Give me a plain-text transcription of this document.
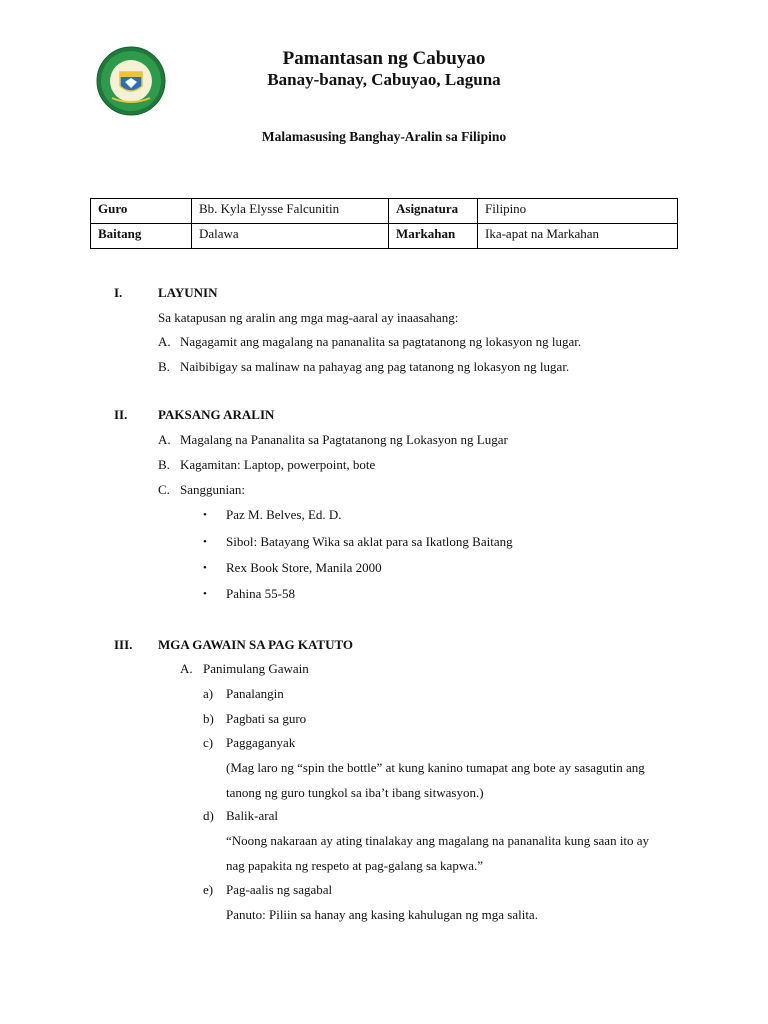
Pamantasan ng Cabuyao
Banay-banay, Cabuyao, Laguna
Malamasusing Banghay-Aralin sa Filipino
Guro	Bb. Kyla Elysse Falcunitin	Asignatura	Filipino
Baitang	Dalawa	Markahan	Ika-apat na Markahan
I.	LAYUNIN
Sa katapusan ng aralin ang mga mag-aaral ay inaasahang:
A. Nagagamit ang magalang na pananalita sa pagtatanong ng lokasyon ng lugar.
B. Naibibigay sa malinaw na pahayag ang pag tatanong ng lokasyon ng lugar.
II. PAKSANG ARALIN
A. Magalang na Pananalita sa Pagtatanong ng Lokasyon ng Lugar
B. Kagamitan: Laptop, powerpoint, bote
C. Sanggunian:
• Paz M. Belves, Ed. D.
• Sibol: Batayang Wika sa aklat para sa Ikatlong Baitang
• Rex Book Store, Manila 2000
• Pahina 55-58
III. MGA GAWAIN SA PAG KATUTO
A. Panimulang Gawain
a) Panalangin
b) Pagbati sa guro
c) Paggaganyak
(Mag laro ng “spin the bottle” at kung kanino tumapat ang bote ay sasagutin ang
tanong ng guro tungkol sa iba’t ibang sitwasyon.)
d) Balik-aral
“Noong nakaraan ay ating tinalakay ang magalang na pananalita kung saan ito ay
nag papakita ng respeto at pag-galang sa kapwa.”
e) Pag-aalis ng sagabal
Panuto: Piliin sa hanay ang kasing kahulugan ng mga salita.
